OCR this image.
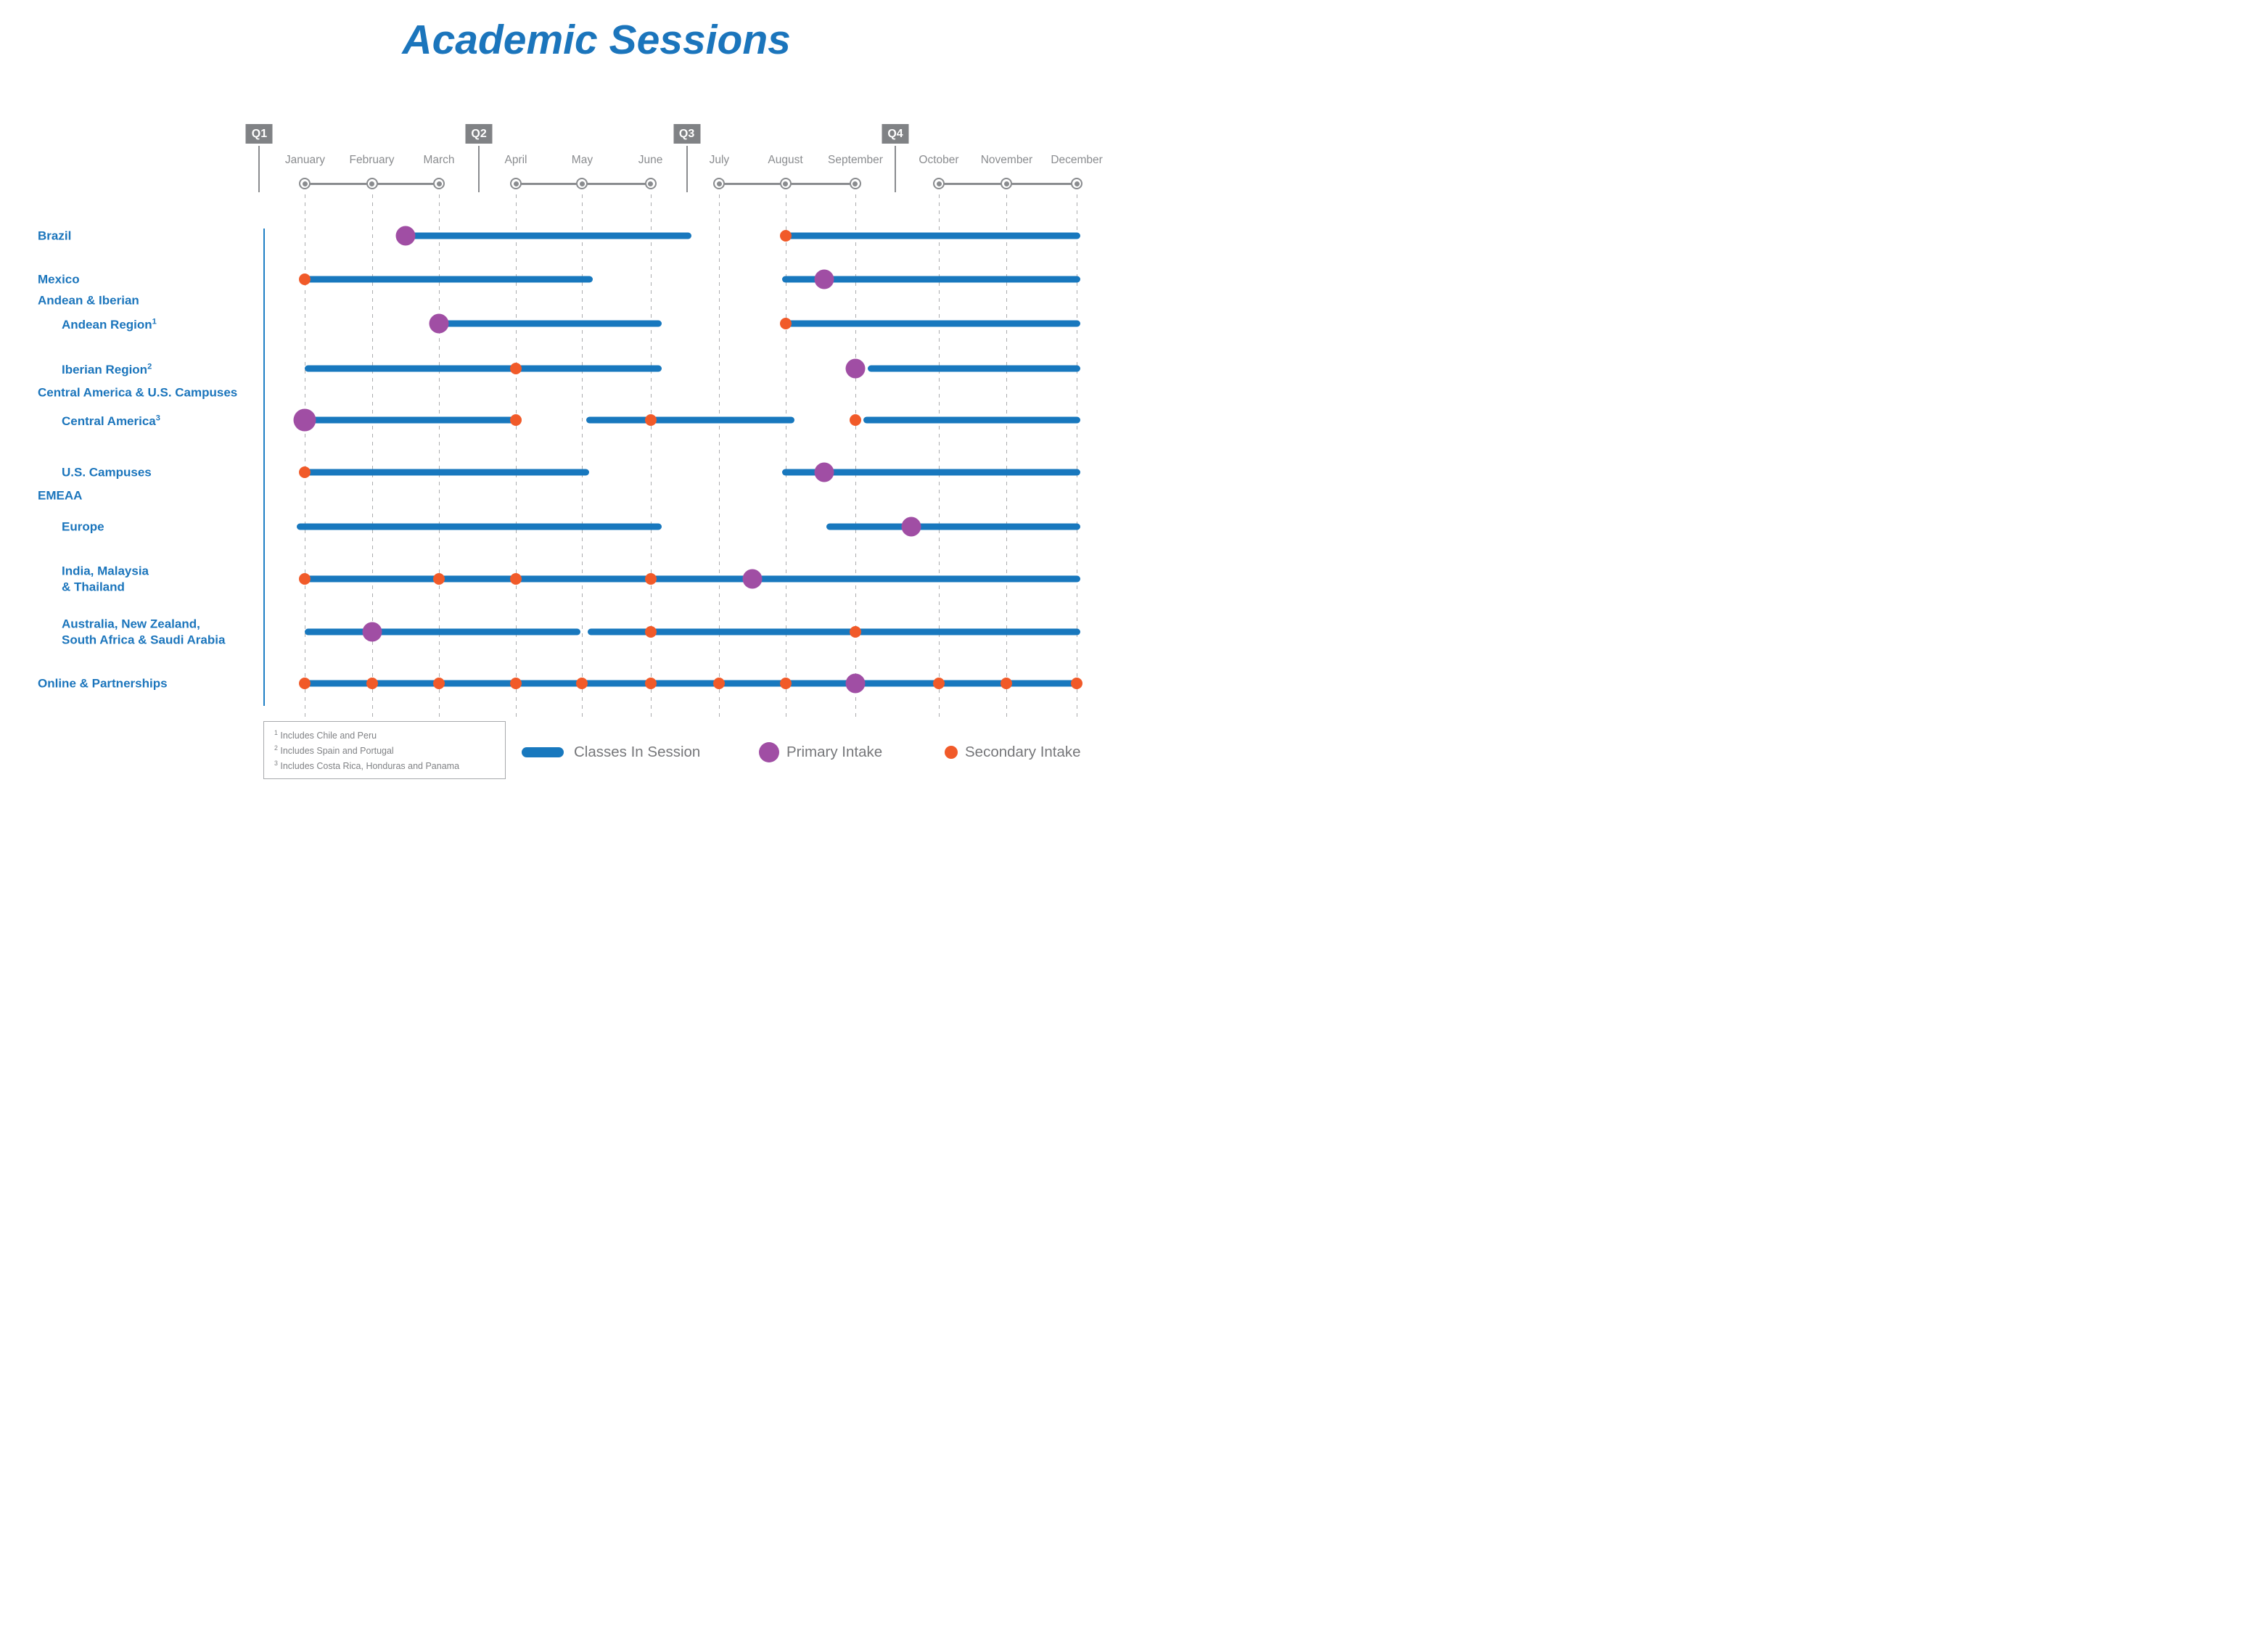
Academic Sessions
Q1	Q2	Q3	Q4
January February	March	April	May	June	July	August September	October November December
Brazil
Mexico
Andean & Iberian
Andean Region$^1$
Iberian Region$^2$
Central America & U.S. Campuses
Central America$^3$
U.S. Campuses
EMEAA
Europe
India, Malaysia
& Thailand
Australia, New Zealand,
South Africa & Saudi Arabia
Online & Partnerships
$^1$ Includes Chile and Peru
$^2$ Includes Spain and Portugal
$^3$ Includes Costa Rica, Honduras and Panama
Classes In Session	Primary Intake	Secondary Intake
